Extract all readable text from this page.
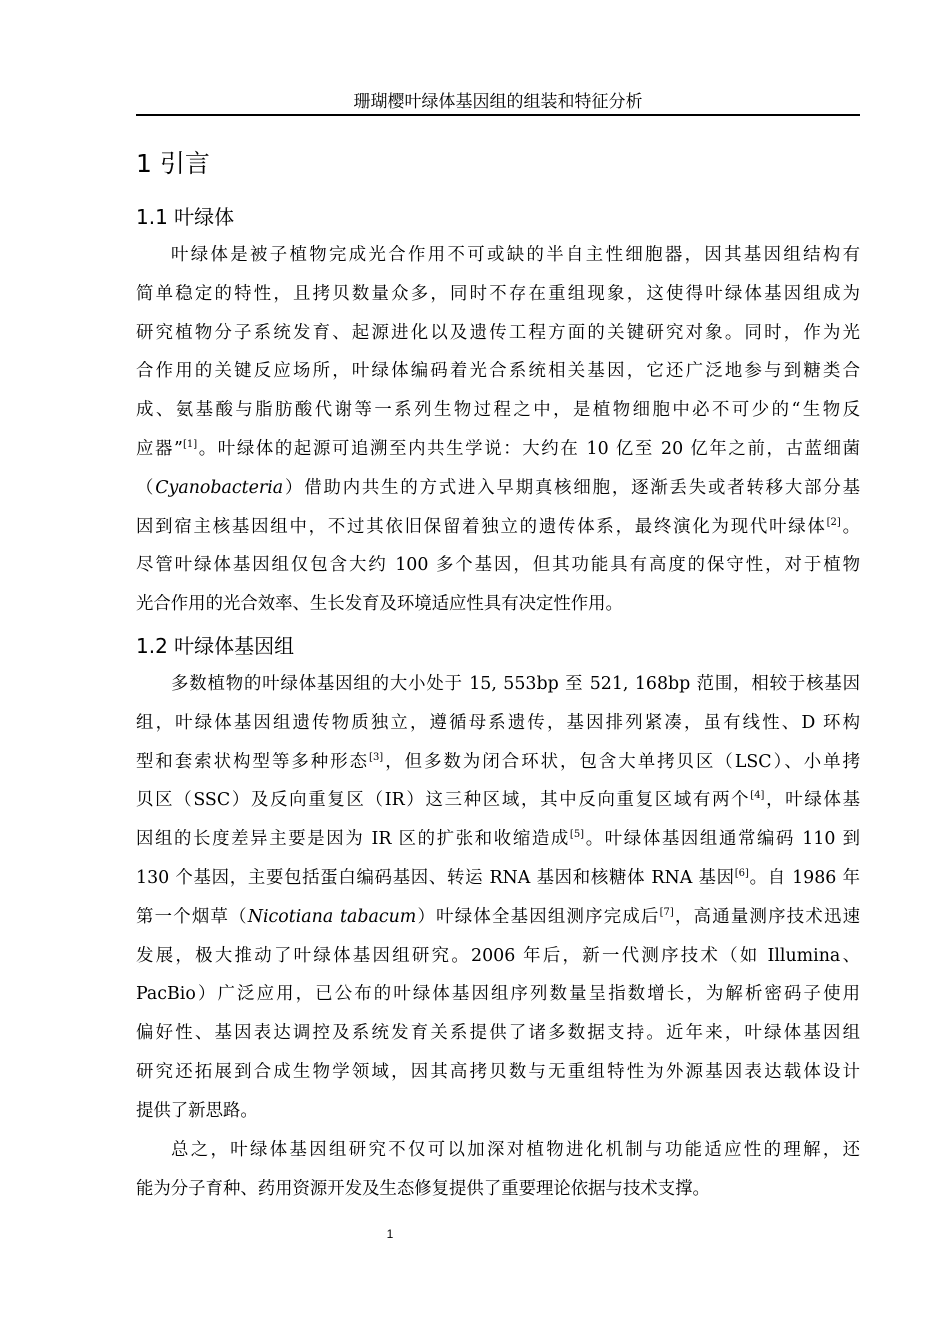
珊瑚樱叶绿体基因组的组装和特征分析
1 引言
1.1 叶绿体
叶绿体是被子植物完成光合作用不可或缺的半自主性细胞器，因其基因组结构有
简单稳定的特性，且拷贝数量众多，同时不存在重组现象，这使得叶绿体基因组成为
研究植物分子系统发育、起源进化以及遗传工程方面的关键研究对象。同时，作为光
合作用的关键反应场所，叶绿体编码着光合系统相关基因，它还广泛地参与到糖类合
成、氨基酸与脂肪酸代谢等一系列生物过程之中，是植物细胞中必不可少的“生物反
应器”[1]。叶绿体的起源可追溯至内共生学说：大约在 10 亿至 20 亿年之前，古蓝细菌
（Cyanobacteria）借助内共生的方式进入早期真核细胞，逐渐丢失或者转移大部分基
因到宿主核基因组中，不过其依旧保留着独立的遗传体系，最终演化为现代叶绿体[2]。
尽管叶绿体基因组仅包含大约 100 多个基因，但其功能具有高度的保守性，对于植物
光合作用的光合效率、生长发育及环境适应性具有决定性作用。
1.2 叶绿体基因组
多数植物的叶绿体基因组的大小处于 15, 553bp 至 521, 168bp 范围，相较于核基因
组，叶绿体基因组遗传物质独立，遵循母系遗传，基因排列紧凑，虽有线性、D 环构
型和套索状构型等多种形态[3]，但多数为闭合环状，包含大单拷贝区（LSC）、小单拷
贝区（SSC）及反向重复区（IR）这三种区域，其中反向重复区域有两个[4]，叶绿体基
因组的长度差异主要是因为 IR 区的扩张和收缩造成[5]。叶绿体基因组通常编码 110 到
130 个基因，主要包括蛋白编码基因、转运 RNA 基因和核糖体 RNA 基因[6]。自 1986 年
第一个烟草（Nicotiana tabacum）叶绿体全基因组测序完成后[7]，高通量测序技术迅速
发展，极大推动了叶绿体基因组研究。2006 年后，新一代测序技术（如 Illumina、
PacBio）广泛应用，已公布的叶绿体基因组序列数量呈指数增长，为解析密码子使用
偏好性、基因表达调控及系统发育关系提供了诸多数据支持。近年来，叶绿体基因组
研究还拓展到合成生物学领域，因其高拷贝数与无重组特性为外源基因表达载体设计
提供了新思路。
总之，叶绿体基因组研究不仅可以加深对植物进化机制与功能适应性的理解，还
能为分子育种、药用资源开发及生态修复提供了重要理论依据与技术支撑。
1
